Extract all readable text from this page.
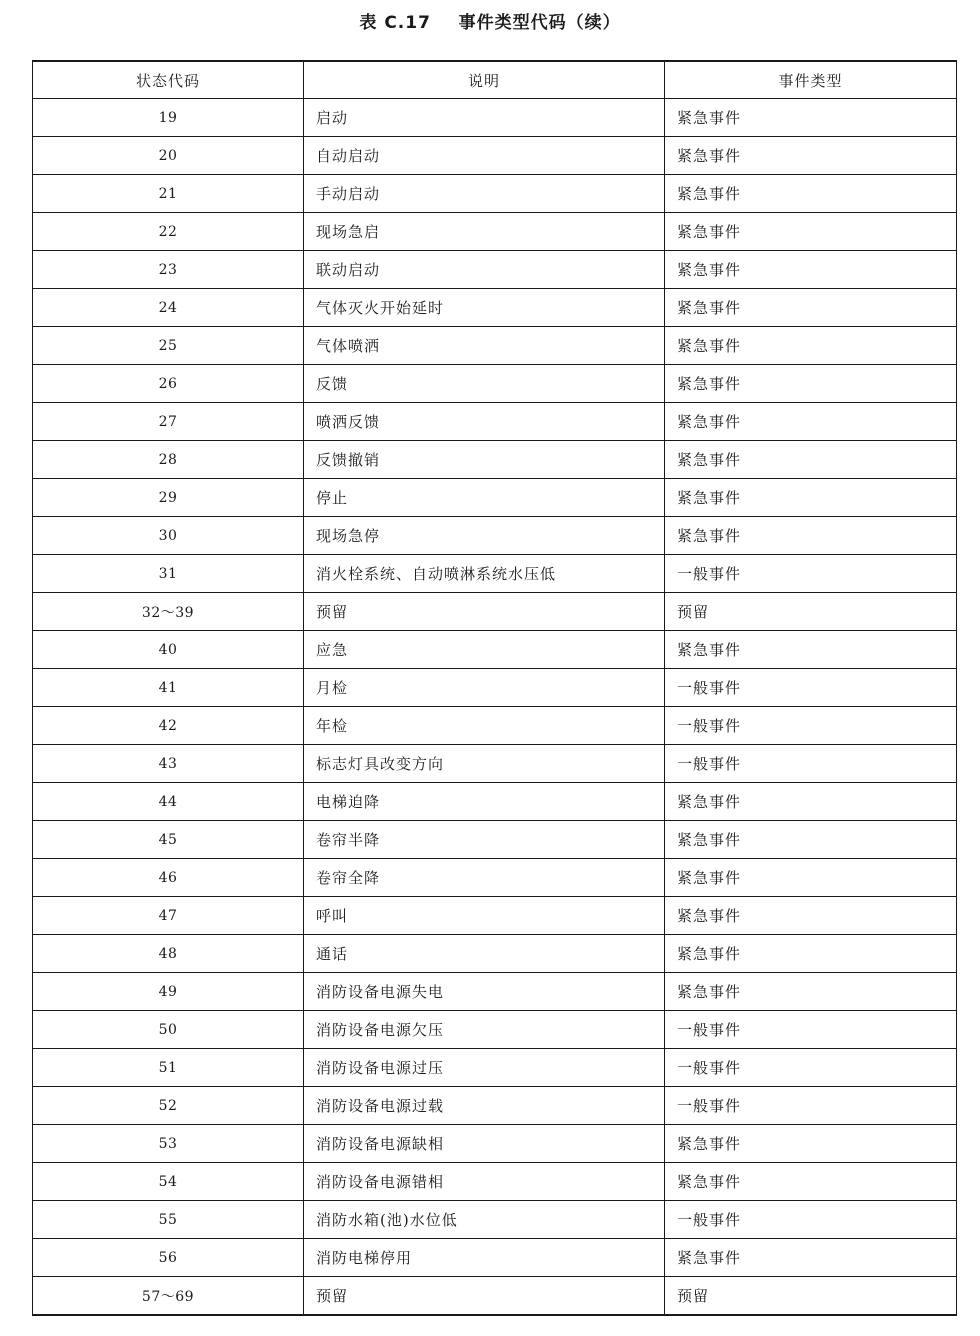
表 C.17    事件类型代码（续）
状态代码	说明	事件类型
19	启动	紧急事件
20	自动启动	紧急事件
21	手动启动	紧急事件
22	现场急启	紧急事件
23	联动启动	紧急事件
24	气体灭火开始延时	紧急事件
25	气体喷洒	紧急事件
26	反馈	紧急事件
27	喷洒反馈	紧急事件
28	反馈撤销	紧急事件
29	停止	紧急事件
30	现场急停	紧急事件
31	消火栓系统、自动喷淋系统水压低	一般事件
32～39	预留	预留
40	应急	紧急事件
41	月检	一般事件
42	年检	一般事件
43	标志灯具改变方向	一般事件
44	电梯迫降	紧急事件
45	卷帘半降	紧急事件
46	卷帘全降	紧急事件
47	呼叫	紧急事件
48	通话	紧急事件
49	消防设备电源失电	紧急事件
50	消防设备电源欠压	一般事件
51	消防设备电源过压	一般事件
52	消防设备电源过载	一般事件
53	消防设备电源缺相	紧急事件
54	消防设备电源错相	紧急事件
55	消防水箱(池)水位低	一般事件
56	消防电梯停用	紧急事件
57～69	预留	预留
